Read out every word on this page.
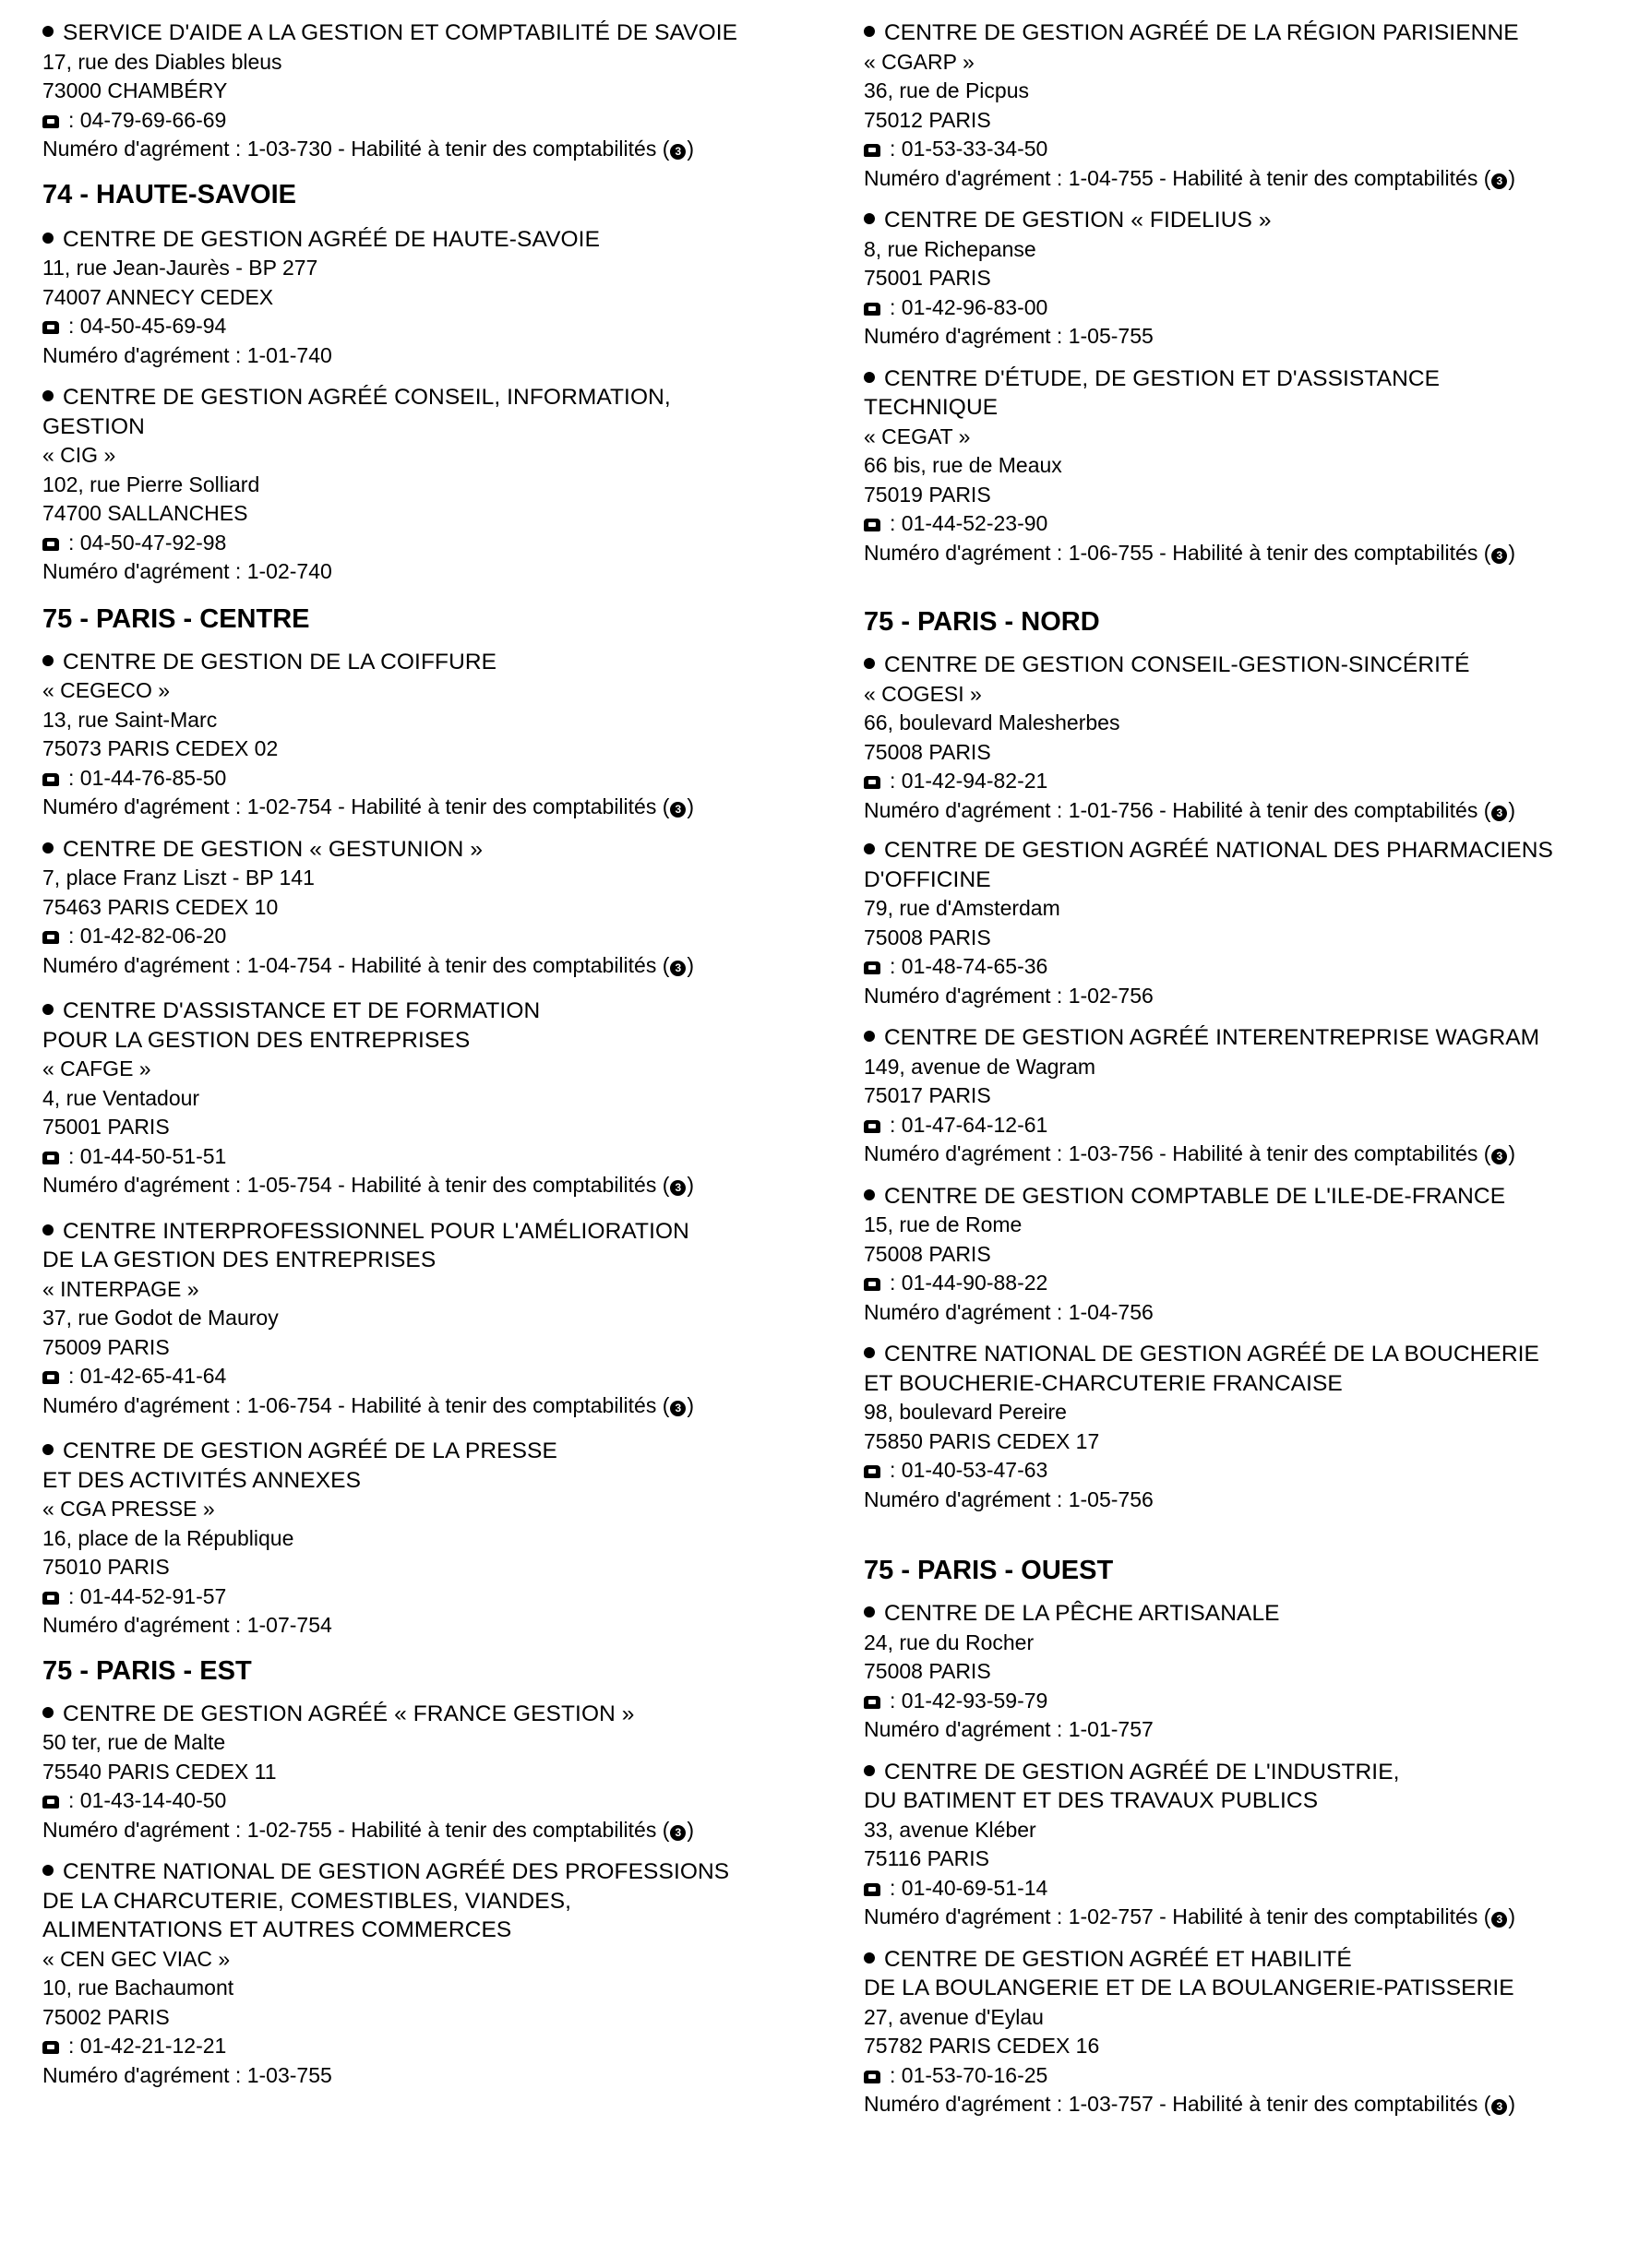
SERVICE D'AIDE A LA GESTION ET COMPTABILITÉ DE SAVOIE
17, rue des Diables bleus
73000 CHAMBÉRY
: 04-79-69-66-69
Numéro d'agrément : 1-03-730 - Habilité à tenir des comptabilités ( 3 )
74 - HAUTE-SAVOIE
CENTRE DE GESTION AGRÉÉ DE HAUTE-SAVOIE
11, rue Jean-Jaurès - BP 277
74007 ANNECY CEDEX
: 04-50-45-69-94
Numéro d'agrément : 1-01-740
CENTRE DE GESTION AGRÉÉ CONSEIL, INFORMATION,
GESTION
« CIG »
102, rue Pierre Solliard
74700 SALLANCHES
: 04-50-47-92-98
Numéro d'agrément : 1-02-740
75 - PARIS - CENTRE
CENTRE DE GESTION DE LA COIFFURE
« CEGECO »
13, rue Saint-Marc
75073 PARIS CEDEX 02
: 01-44-76-85-50
Numéro d'agrément : 1-02-754 - Habilité à tenir des comptabilités ( 3 )
CENTRE DE GESTION « GESTUNION »
7, place Franz Liszt - BP 141
75463 PARIS CEDEX 10
: 01-42-82-06-20
Numéro d'agrément : 1-04-754 - Habilité à tenir des comptabilités ( 3 )
CENTRE D'ASSISTANCE ET DE FORMATION
POUR LA GESTION DES ENTREPRISES
« CAFGE »
4, rue Ventadour
75001 PARIS
: 01-44-50-51-51
Numéro d'agrément : 1-05-754 - Habilité à tenir des comptabilités ( 3 )
CENTRE INTERPROFESSIONNEL POUR L'AMÉLIORATION
DE LA GESTION DES ENTREPRISES
« INTERPAGE »
37, rue Godot de Mauroy
75009 PARIS
: 01-42-65-41-64
Numéro d'agrément : 1-06-754 - Habilité à tenir des comptabilités ( 3 )
CENTRE DE GESTION AGRÉÉ DE LA PRESSE
ET DES ACTIVITÉS ANNEXES
« CGA PRESSE »
16, place de la République
75010 PARIS
: 01-44-52-91-57
Numéro d'agrément : 1-07-754
75 - PARIS - EST
CENTRE DE GESTION AGRÉÉ « FRANCE GESTION »
50 ter, rue de Malte
75540 PARIS CEDEX 11
: 01-43-14-40-50
Numéro d'agrément : 1-02-755 - Habilité à tenir des comptabilités ( 3 )
CENTRE NATIONAL DE GESTION AGRÉÉ DES PROFESSIONS
DE LA CHARCUTERIE, COMESTIBLES, VIANDES,
ALIMENTATIONS ET AUTRES COMMERCES
« CEN GEC VIAC »
10, rue Bachaumont
75002 PARIS
: 01-42-21-12-21
Numéro d'agrément : 1-03-755
CENTRE DE GESTION AGRÉÉ DE LA RÉGION PARISIENNE
« CGARP »
36, rue de Picpus
75012 PARIS
: 01-53-33-34-50
Numéro d'agrément : 1-04-755 - Habilité à tenir des comptabilités ( 3 )
CENTRE DE GESTION « FIDELIUS »
8, rue Richepanse
75001 PARIS
: 01-42-96-83-00
Numéro d'agrément : 1-05-755
CENTRE D'ÉTUDE, DE GESTION ET D'ASSISTANCE
TECHNIQUE
« CEGAT »
66 bis, rue de Meaux
75019 PARIS
: 01-44-52-23-90
Numéro d'agrément : 1-06-755 - Habilité à tenir des comptabilités ( 3 )
75 - PARIS - NORD
CENTRE DE GESTION CONSEIL-GESTION-SINCÉRITÉ
« COGESI »
66, boulevard Malesherbes
75008 PARIS
: 01-42-94-82-21
Numéro d'agrément : 1-01-756 - Habilité à tenir des comptabilités ( 3 )
CENTRE DE GESTION AGRÉÉ NATIONAL DES PHARMACIENS
D'OFFICINE
79, rue d'Amsterdam
75008 PARIS
: 01-48-74-65-36
Numéro d'agrément : 1-02-756
CENTRE DE GESTION AGRÉÉ INTERENTREPRISE WAGRAM
149, avenue de Wagram
75017 PARIS
: 01-47-64-12-61
Numéro d'agrément : 1-03-756 - Habilité à tenir des comptabilités ( 3 )
CENTRE DE GESTION COMPTABLE DE L'ILE-DE-FRANCE
15, rue de Rome
75008 PARIS
: 01-44-90-88-22
Numéro d'agrément : 1-04-756
CENTRE NATIONAL DE GESTION AGRÉÉ DE LA BOUCHERIE
ET BOUCHERIE-CHARCUTERIE FRANCAISE
98, boulevard Pereire
75850 PARIS CEDEX 17
: 01-40-53-47-63
Numéro d'agrément : 1-05-756
75 - PARIS - OUEST
CENTRE DE LA PÊCHE ARTISANALE
24, rue du Rocher
75008 PARIS
: 01-42-93-59-79
Numéro d'agrément : 1-01-757
CENTRE DE GESTION AGRÉÉ DE L'INDUSTRIE,
DU BATIMENT ET DES TRAVAUX PUBLICS
33, avenue Kléber
75116 PARIS
: 01-40-69-51-14
Numéro d'agrément : 1-02-757 - Habilité à tenir des comptabilités ( 3 )
CENTRE DE GESTION AGRÉÉ ET HABILITÉ
DE LA BOULANGERIE ET DE LA BOULANGERIE-PATISSERIE
27, avenue d'Eylau
75782 PARIS CEDEX 16
: 01-53-70-16-25
Numéro d'agrément : 1-03-757 - Habilité à tenir des comptabilités ( 3 )
